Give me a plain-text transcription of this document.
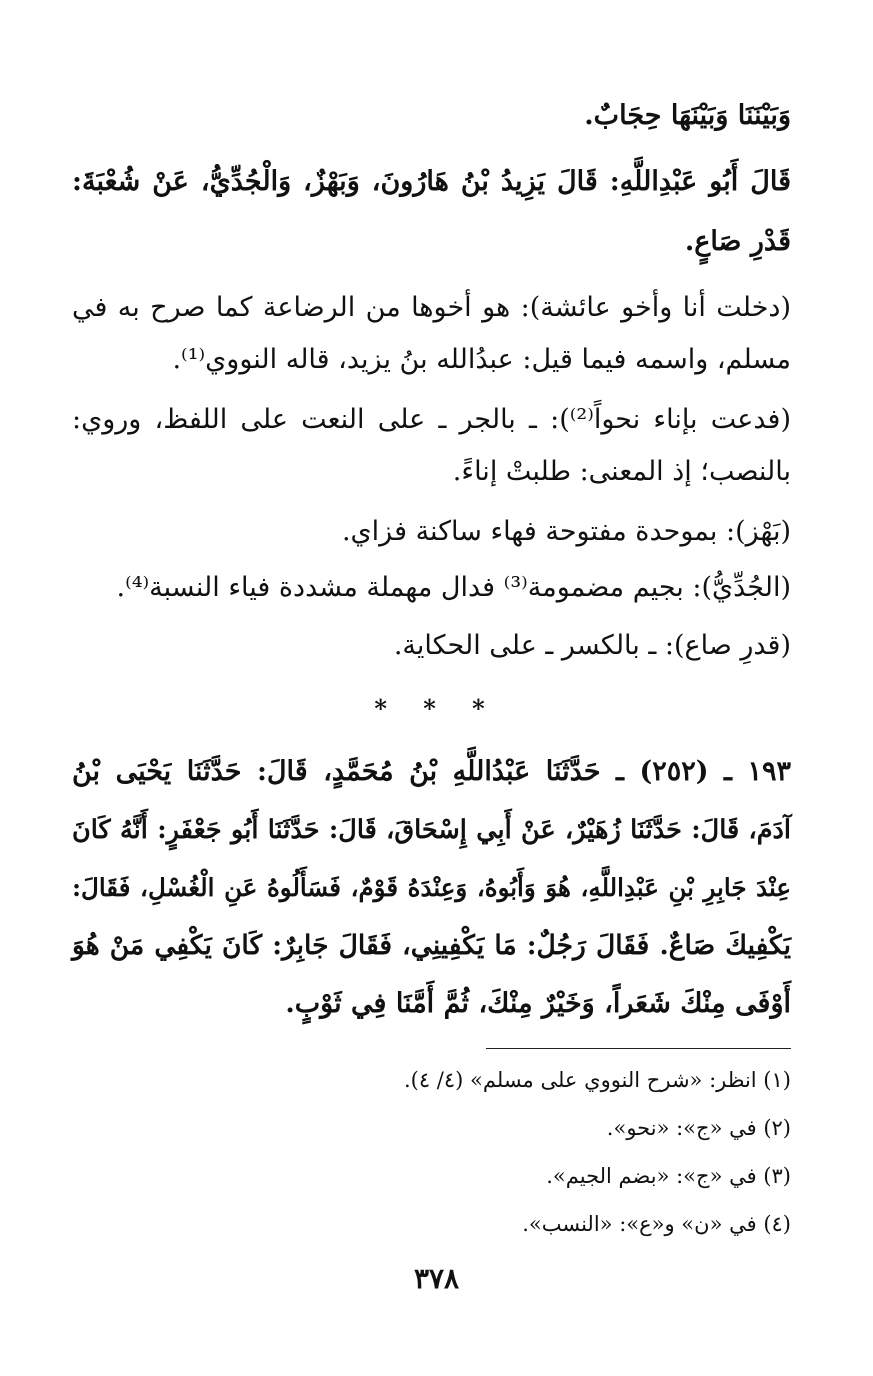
وَبَيْنَنَا وَبَيْنَهَا حِجَابٌ.
قَالَ أَبُو عَبْدِاللَّهِ: قَالَ يَزِيدُ بْنُ هَارُونَ، وَبَهْزٌ، وَالْجُدِّيُّ، عَنْ شُعْبَةَ:
قَدْرِ صَاعٍ.
(دخلت أنا وأخو عائشة): هو أخوها من الرضاعة كما صرح به في
مسلم، واسمه فيما قيل: عبدُالله بنُ يزيد، قاله النووي⁽¹⁾.
(فدعت بإناء نحواً⁽²⁾): ـ بالجر ـ على النعت على اللفظ، وروي:
بالنصب؛ إذ المعنى: طلبتْ إناءً.
(بَهْز): بموحدة مفتوحة فهاء ساكنة فزاي.
(الجُدِّيُّ): بجيم مضمومة⁽³⁾ فدال مهملة مشددة فياء النسبة⁽⁴⁾.
(قدرِ صاع): ـ بالكسر ـ على الحكاية.
* * *
١٩٣ ـ (٢٥٢) ـ حَدَّثَنَا عَبْدُاللَّهِ بْنُ مُحَمَّدٍ، قَالَ: حَدَّثَنَا يَحْيَى بْنُ
آدَمَ، قَالَ: حَدَّثَنَا زُهَيْرٌ، عَنْ أَبِي إِسْحَاقَ، قَالَ: حَدَّثَنَا أَبُو جَعْفَرٍ: أَنَّهُ كَانَ
عِنْدَ جَابِرِ بْنِ عَبْدِاللَّهِ، هُوَ وَأَبُوهُ، وَعِنْدَهُ قَوْمٌ، فَسَأَلُوهُ عَنِ الْغُسْلِ، فَقَالَ:
يَكْفِيكَ صَاعٌ. فَقَالَ رَجُلٌ: مَا يَكْفِينِي، فَقَالَ جَابِرٌ: كَانَ يَكْفِي مَنْ هُوَ
أَوْفَى مِنْكَ شَعَراً، وَخَيْرٌ مِنْكَ، ثُمَّ أَمَّنَا فِي ثَوْبٍ.
(١) انظر: «شرح النووي على مسلم» (٤/ ٤).
(٢) في «ج»: «نحو».
(٣) في «ج»: «بضم الجيم».
(٤) في «ن» و«ع»: «النسب».
٣٧٨
